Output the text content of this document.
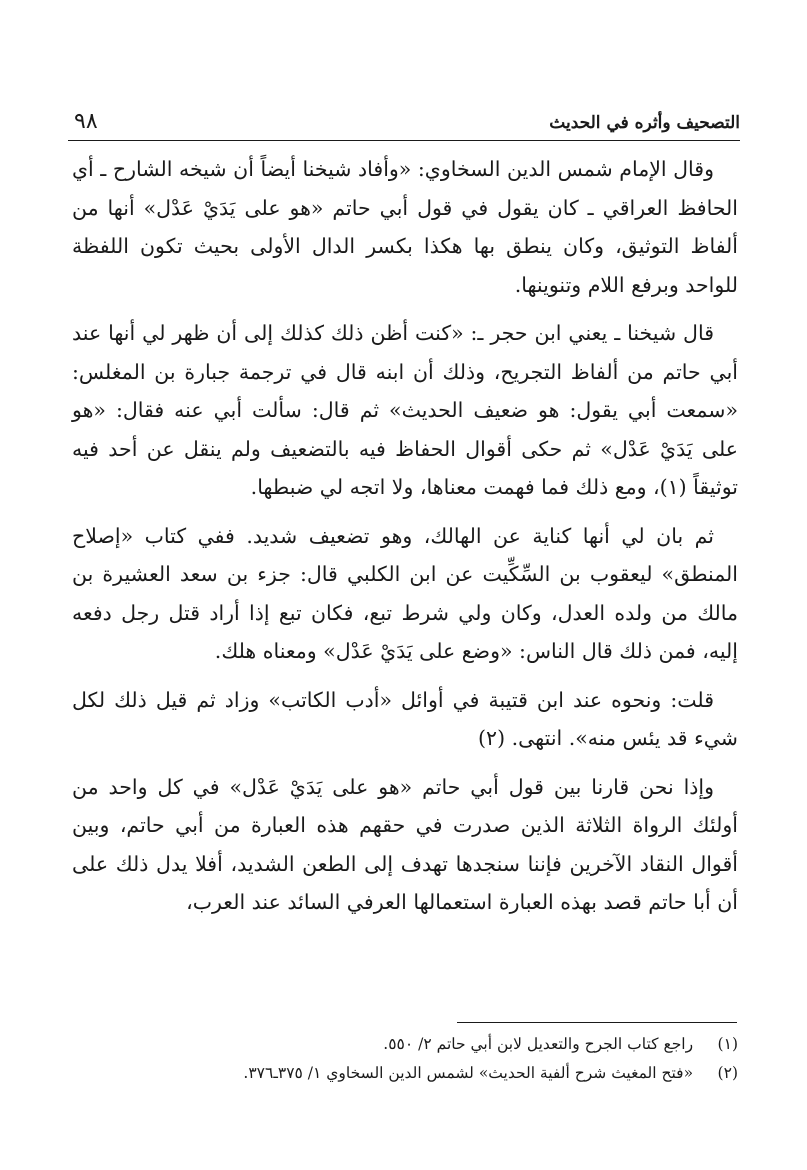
٩٨	التصحيف وأثره في الحديث

وقال الإمام شمس الدين السخاوي: «وأفاد شيخنا أيضاً أن شيخه الشارح ـ أي الحافظ العراقي ـ كان يقول في قول أبي حاتم «هو على يَدَيْ عَدْل» أنها من ألفاظ التوثيق، وكان ينطق بها هكذا بكسر الدال الأولى بحيث تكون اللفظة للواحد وبرفع اللام وتنوينها.

قال شيخنا ـ يعني ابن حجر ـ: «كنت أظن ذلك كذلك إلى أن ظهر لي أنها عند أبي حاتم من ألفاظ التجريح، وذلك أن ابنه قال في ترجمة جبارة بن المغلس: «سمعت أبي يقول: هو ضعيف الحديث» ثم قال: سألت أبي عنه فقال: «هو على يَدَيْ عَدْل» ثم حكى أقوال الحفاظ فيه بالتضعيف ولم ينقل عن أحد فيه توثيقاً (١)، ومع ذلك فما فهمت معناها، ولا اتجه لي ضبطها.

ثم بان لي أنها كناية عن الهالك، وهو تضعيف شديد. ففي كتاب «إصلاح المنطق» ليعقوب بن السِّكِّيت عن ابن الكلبي قال: جزء بن سعد العشيرة بن مالك من ولده العدل، وكان ولي شرط تبع، فكان تبع إذا أراد قتل رجل دفعه إليه، فمن ذلك قال الناس: «وضع على يَدَيْ عَدْل» ومعناه هلك.

قلت: ونحوه عند ابن قتيبة في أوائل «أدب الكاتب» وزاد ثم قيل ذلك لكل شيء قد يئس منه». انتهى. (٢)

وإذا نحن قارنا بين قول أبي حاتم «هو على يَدَيْ عَدْل» في كل واحد من أولئك الرواة الثلاثة الذين صدرت في حقهم هذه العبارة من أبي حاتم، وبين أقوال النقاد الآخرين فإننا سنجدها تهدف إلى الطعن الشديد، أفلا يدل ذلك على أن أبا حاتم قصد بهذه العبارة استعمالها العرفي السائد عند العرب،

(١) راجع كتاب الجرح والتعديل لابن أبي حاتم ٢/ ٥٥٠.
(٢) «فتح المغيث شرح ألفية الحديث» لشمس الدين السخاوي ١/ ٣٧٥ـ٣٧٦.
